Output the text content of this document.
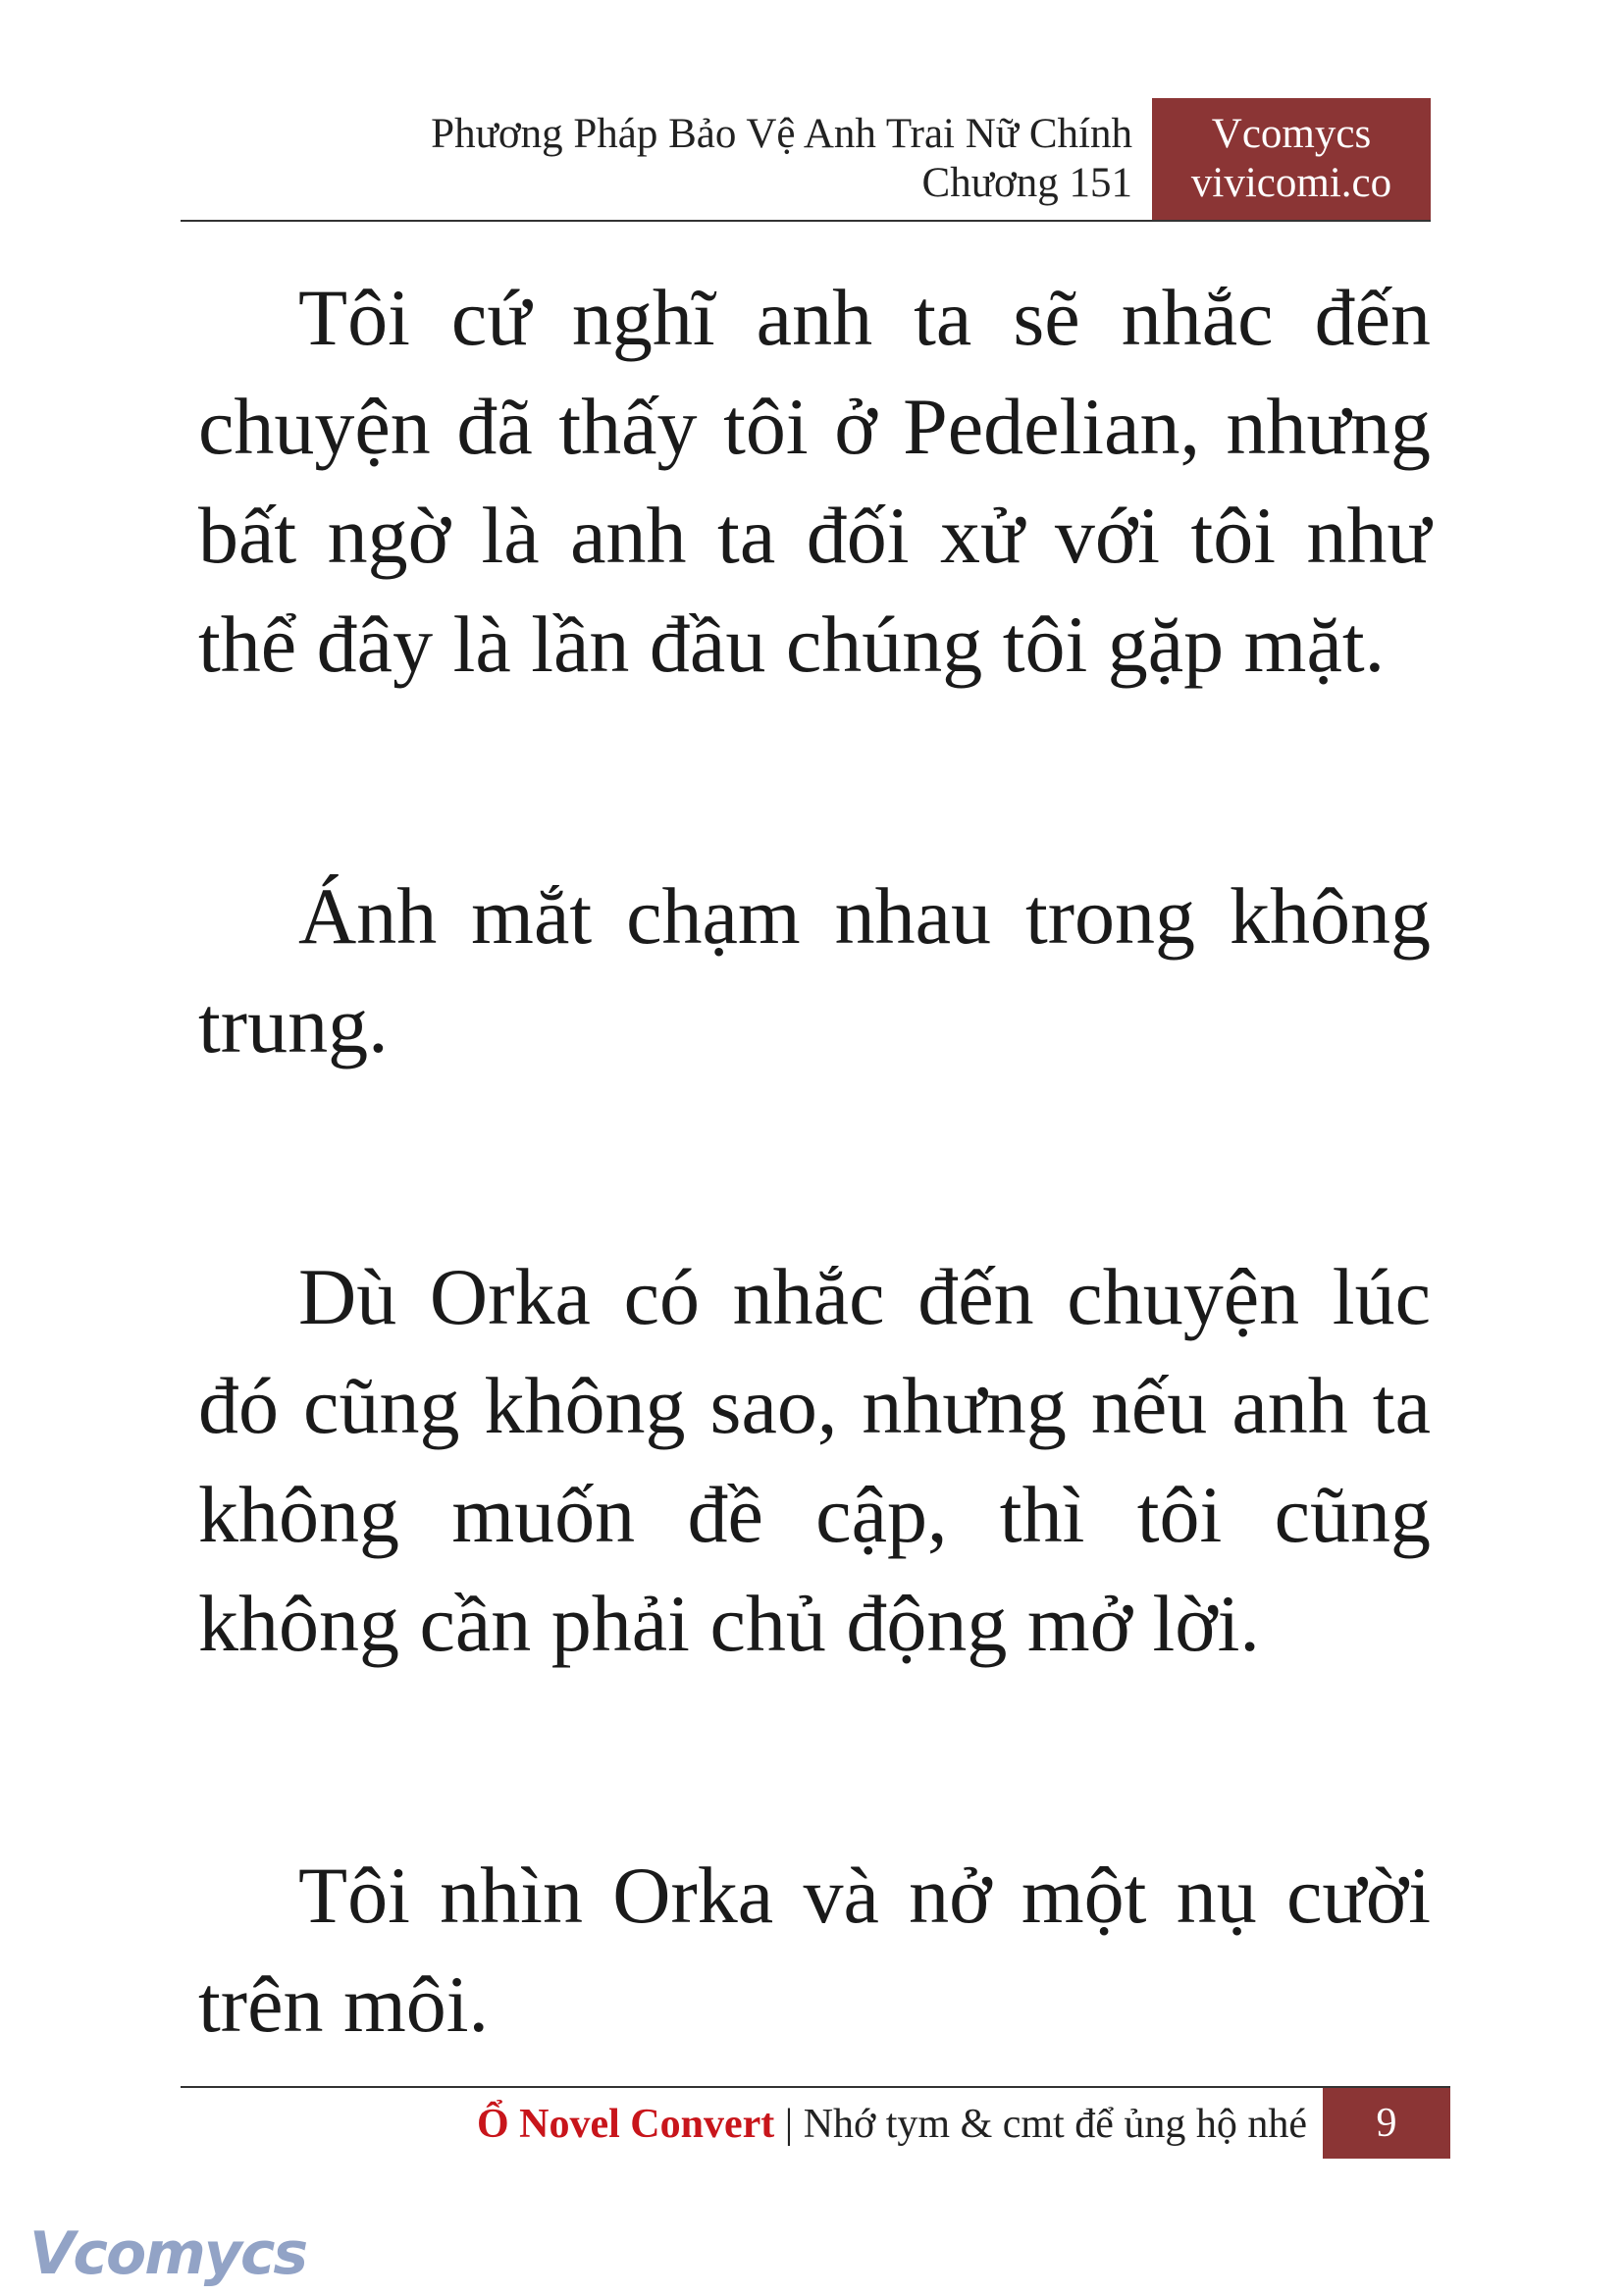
Phương Pháp Bảo Vệ Anh Trai Nữ Chính
Chương 151
Vcomycs
vivicomi.co

Tôi cứ nghĩ anh ta sẽ nhắc đến chuyện đã thấy tôi ở Pedelian, nhưng bất ngờ là anh ta đối xử với tôi như thể đây là lần đầu chúng tôi gặp mặt.

Ánh mắt chạm nhau trong không trung.

Dù Orka có nhắc đến chuyện lúc đó cũng không sao, nhưng nếu anh ta không muốn đề cập, thì tôi cũng không cần phải chủ động mở lời.

Tôi nhìn Orka và nở một nụ cười trên môi.

Ổ Novel Convert | Nhớ tym & cmt để ủng hộ nhé	9
Vcomycs
